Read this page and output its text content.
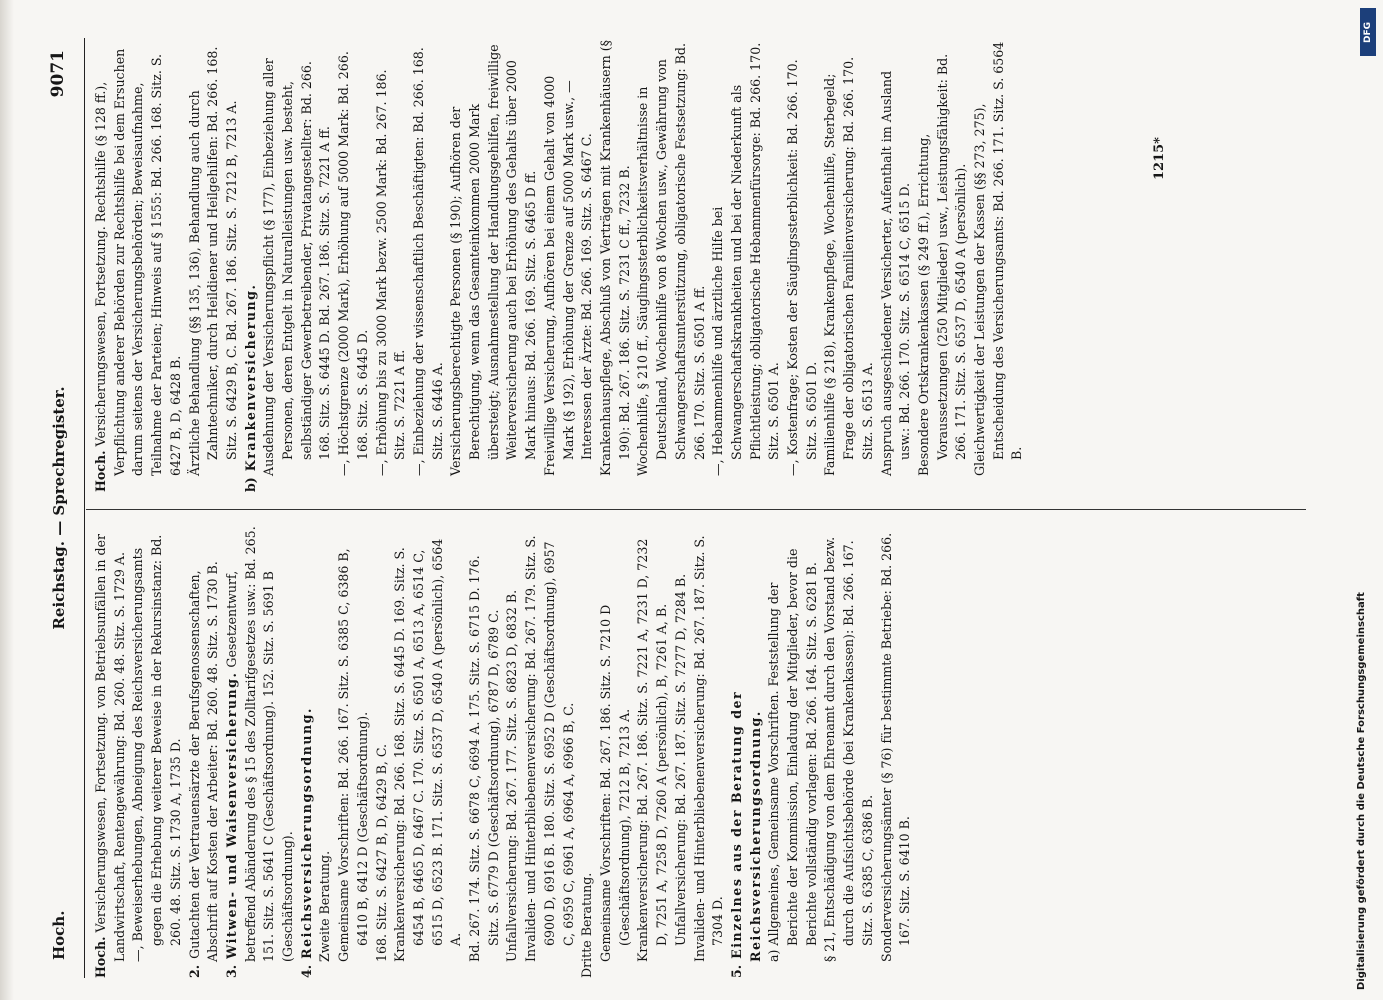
Hoch.
Reichstag. — Sprechregister.
9071

Hoch. Versicherungswesen, Fortsetzung. von Betriebsunfällen in der Landwirtschaft, Rentengewährung: Bd. 260. 48. Sitz. S. 1729 A. —, Beweiserhebungen, Abneigung des Reichsversicherungsamts gegen die Erhebung weiterer Beweise in der Rekursinstanz: Bd. 260. 48. Sitz. S. 1730 A, 1735 D.

2.Gutachten der Vertrauensärzte der Berufsgenossenschaften, Abschrift auf Kosten der Arbeiter: Bd. 260. 48. Sitz. S. 1730 B.

3.Witwen- und Waisenversicherung. Gesetzentwurf, betreffend Abänderung des § 15 des Zolltarifgesetzes usw.: Bd. 265. 151. Sitz. S. 5641 C (Geschäftsordnung). 152. Sitz. S. 5691 B (Geschäftsordnung).

4.Reichsversicherungsordnung. Zweite Beratung. Gemeinsame Vorschriften: Bd. 266. 167. Sitz. S. 6385 C, 6386 B, 6410 B, 6412 D (Geschäftsordnung). 168. Sitz. S. 6427 B, D, 6429 B, C. Krankenversicherung: Bd. 266. 168. Sitz. S. 6445 D. 169. Sitz. S. 6454 B, 6465 D, 6467 C. 170. Sitz. S. 6501 A, 6513 A, 6514 C, 6515 D, 6523 B. 171. Sitz. S. 6537 D, 6540 A (persönlich), 6564 A. Bd. 267. 174. Sitz. S. 6678 C, 6694 A. 175. Sitz. S. 6715 D. 176. Sitz. S. 6779 D (Geschäftsordnung), 6787 D, 6789 C. Unfallversicherung: Bd. 267. 177. Sitz. S. 6823 D, 6832 B. Invaliden- und Hinterbliebenenversicherung: Bd. 267. 179. Sitz. S. 6900 D, 6916 B. 180. Sitz. S. 6952 D (Geschäftsordnung), 6957 C, 6959 C, 6961 A, 6964 A, 6966 B, C. Dritte Beratung. Gemeinsame Vorschriften: Bd. 267. 186. Sitz. S. 7210 D (Geschäftsordnung), 7212 B, 7213 A. Krankenversicherung: Bd. 267. 186. Sitz. S. 7221 A, 7231 D, 7232 D, 7251 A, 7258 D, 7260 A (persönlich), B, 7261 A, B. Unfallversicherung: Bd. 267. 187. Sitz. S. 7277 D, 7284 B. Invaliden- und Hinterbliebenenversicherung: Bd. 267. 187. Sitz. S. 7304 D.

5.Einzelnes aus der Beratung der Reichsversicherungsordnung. a) Allgemeines, Gemeinsame Vorschriften. Feststellung der Berichte der Kommission, Einladung der Mitglieder, bevor die Berichte vollständig vorlagen: Bd. 266. 164. Sitz. S. 6281 B. § 21, Entschädigung von dem Ehrenamt durch den Vorstand bezw. durch die Aufsichtsbehörde (bei Krankenkassen): Bd. 266. 167. Sitz. S. 6385 C, 6386 B. Sonderversicherungsämter (§ 76) für bestimmte Betriebe: Bd. 266. 167. Sitz. S. 6410 B.

Hoch. Versicherungswesen, Fortsetzung. Rechtshilfe (§ 128 ff.), Verpflichtung anderer Behörden zur Rechtshilfe bei dem Ersuchen darum seitens der Versicherungsbehörden; Beweisaufnahme, Teilnahme der Parteien; Hinweis auf § 1555: Bd. 266. 168. Sitz. S. 6427 B, D, 6428 B. Ärztliche Behandlung (§§ 135, 136), Behandlung auch durch Zahntechniker, durch Heildiener und Heilgehilfen: Bd. 266. 168. Sitz. S. 6429 B, C. Bd. 267. 186. Sitz. S. 7212 B, 7213 A.

b)Krankenversicherung. Ausdehnung der Versicherungspflicht (§ 177), Einbeziehung aller Personen, deren Entgelt in Naturalleistungen usw. besteht, selbständiger Gewerbetreibender, Privatangestellter: Bd. 266. 168. Sitz. S. 6445 D. Bd. 267. 186. Sitz. S. 7221 A ff. —, Höchstgrenze (2000 Mark), Erhöhung auf 5000 Mark: Bd. 266. 168. Sitz. S. 6445 D. —, Erhöhung bis zu 3000 Mark bezw. 2500 Mark: Bd. 267. 186. Sitz. S. 7221 A ff. —, Einbeziehung der wissenschaftlich Beschäftigten: Bd. 266. 168. Sitz. S. 6446 A. Versicherungsberechtigte Personen (§ 190); Aufhören der Berechtigung, wenn das Gesamteinkommen 2000 Mark übersteigt; Ausnahmestellung der Handlungsgehilfen, freiwillige Weiterversicherung auch bei Erhöhung des Gehalts über 2000 Mark hinaus: Bd. 266. 169. Sitz. S. 6465 D ff. Freiwillige Versicherung, Aufhören bei einem Gehalt von 4000 Mark (§ 192), Erhöhung der Grenze auf 5000 Mark usw., — Interessen der Ärzte: Bd. 266. 169. Sitz. S. 6467 C. Krankenhauspflege, Abschluß von Verträgen mit Krankenhäusern (§ 190): Bd. 267. 186. Sitz. S. 7231 C ff., 7232 B. Wochenhilfe, § 210 ff., Säuglingssterblichkeitsverhältnisse in Deutschland, Wochenhilfe von 8 Wochen usw., Gewährung von Schwangerschaftsunterstützung, obligatorische Festsetzung: Bd. 266. 170. Sitz. S. 6501 A ff. —, Hebammenhilfe und ärztliche Hilfe bei Schwangerschaftskrankheiten und bei der Niederkunft als Pflichtleistung; obligatorische Hebammenfürsorge: Bd. 266. 170. Sitz. S. 6501 A. —, Kostenfrage; Kosten der Säuglingssterblichkeit: Bd. 266. 170. Sitz. S. 6501 D. Familienhilfe (§ 218), Krankenpflege, Wochenhilfe, Sterbegeld; Frage der obligatorischen Familienversicherung: Bd. 266. 170. Sitz. S. 6513 A. Anspruch ausgeschiedener Versicherter, Aufenthalt im Ausland usw.: Bd. 266. 170. Sitz. S. 6514 C, 6515 D. Besondere Ortskrankenkassen (§ 249 ff.), Errichtung, Voraussetzungen (250 Mitglieder) usw., Leistungsfähigkeit: Bd. 266. 171. Sitz. S. 6537 D, 6540 A (persönlich). Gleichwertigkeit der Leistungen der Kassen (§§ 273, 275), Entscheidung des Versicherungsamts: Bd. 266. 171. Sitz. S. 6564 B.

1215*
DFG
Digitalisierung gefördert durch die Deutsche Forschungsgemeinschaft
